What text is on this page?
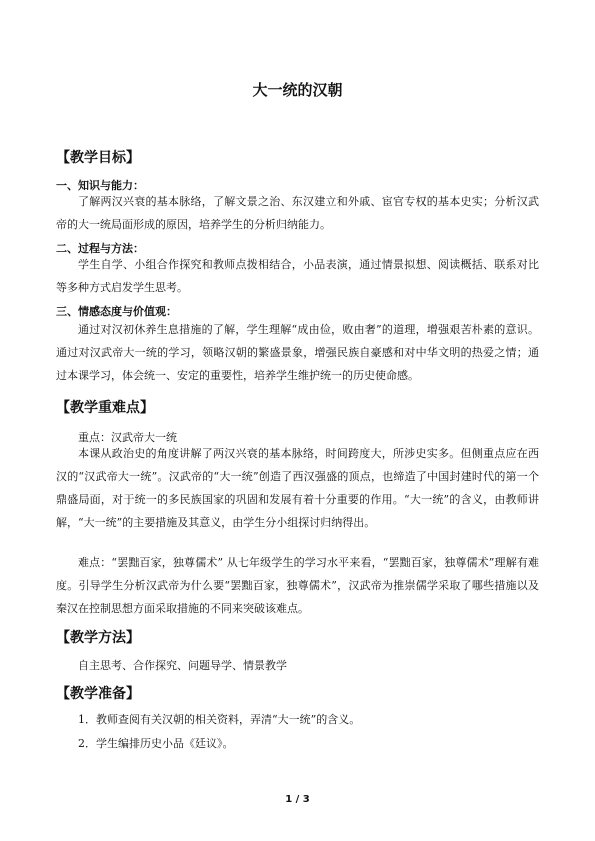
大一统的汉朝
【教学目标】
一、知识与能力：

了解两汉兴衰的基本脉络，了解文景之治、东汉建立和外戚、宦官专权的基本史实；分析汉武帝的大一统局面形成的原因，培养学生的分析归纳能力。

二、过程与方法：

学生自学、小组合作探究和教师点拨相结合，小品表演，通过情景拟想、阅读概括、联系对比等多种方式启发学生思考。

三、情感态度与价值观：

通过对汉初休养生息措施的了解，学生理解“成由俭，败由奢”的道理，增强艰苦朴素的意识。通过对汉武帝大一统的学习，领略汉朝的繁盛景象，增强民族自豪感和对中华文明的热爱之情；通过本课学习，体会统一、安定的重要性，培养学生维护统一的历史使命感。

【教学重难点】
重点：汉武帝大一统

本课从政治史的角度讲解了两汉兴衰的基本脉络，时间跨度大，所涉史实多。但侧重点应在西汉的“汉武帝大一统”。汉武帝的“大一统”创造了西汉强盛的顶点，也缔造了中国封建时代的第一个鼎盛局面，对于统一的多民族国家的巩固和发展有着十分重要的作用。“大一统”的含义，由教师讲解，“大一统”的主要措施及其意义，由学生分小组探讨归纳得出。

难点：“罢黜百家，独尊儒术” 从七年级学生的学习水平来看，“罢黜百家，独尊儒术”理解有难度。引导学生分析汉武帝为什么要“罢黜百家，独尊儒术”，汉武帝为推崇儒学采取了哪些措施以及秦汉在控制思想方面采取措施的不同来突破该难点。

【教学方法】
自主思考、合作探究、问题导学、情景教学
【教学准备】
1．教师查阅有关汉朝的相关资料，弄清“大一统”的含义。
2．学生编排历史小品《廷议》。
1 / 3
